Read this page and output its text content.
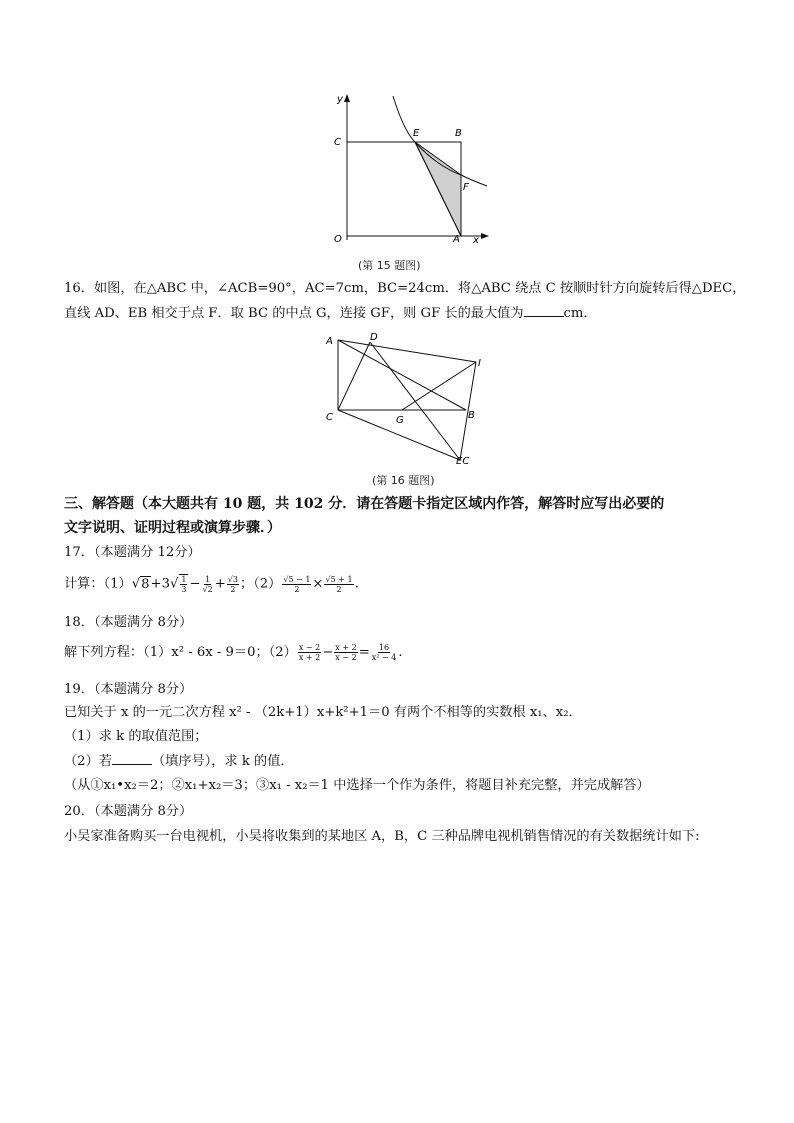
y
C
E	B
F
O	A x
(第 15 题图)
16．如图，在△ABC 中，∠ACB=90°，AC=7cm，BC=24cm．将△ABC 绕点 C 按顺时针方向旋转后得△DEC，
直线 AD、EB 相交于点 F．取 BC 的中点 G，连接 GF，则 GF 长的最大值为	cm．
A	D
I
C	G	B
EC
(第 16 题图)
三、解答题（本大题共有 10 题，共 102 分．请在答题卡指定区域内作答，解答时应写出必要的
文字说明、证明过程或演算步骤．）
17．（本题满分 12分）
计算：$(1)√8+3√ \frac{1}{3} - \frac{1}{√2} + \frac{√3}{2}$ ；$(2) \frac{√5 - 1}{2} \times \frac{√5 + 1}{2}$ .
18．（本题满分 8分）
解下列方程：（1）x² - 6x - 9＝0；$(2) \frac{x - 2}{x + 2} - \frac{x + 2}{x - 2} = \frac{16}{\text{x² − 4}}$ .
19．（本题满分 8分）
已知关于 x 的一元二次方程 x² - （2k+1）x+k²+1＝0 有两个不相等的实数根 x₁、x₂．
（1）求 k 的取值范围；
（2）若	（填序号），求 k 的值．
（从①x₁•x₂＝2；②x₁+x₂＝3；③x₁ - x₂＝1 中选择一个作为条件，将题目补充完整，并完成解答）
20．（本题满分 8分）
小吴家准备购买一台电视机，小吴将收集到的某地区 A，B，C 三种品牌电视机销售情况的有关数据统计如下:
